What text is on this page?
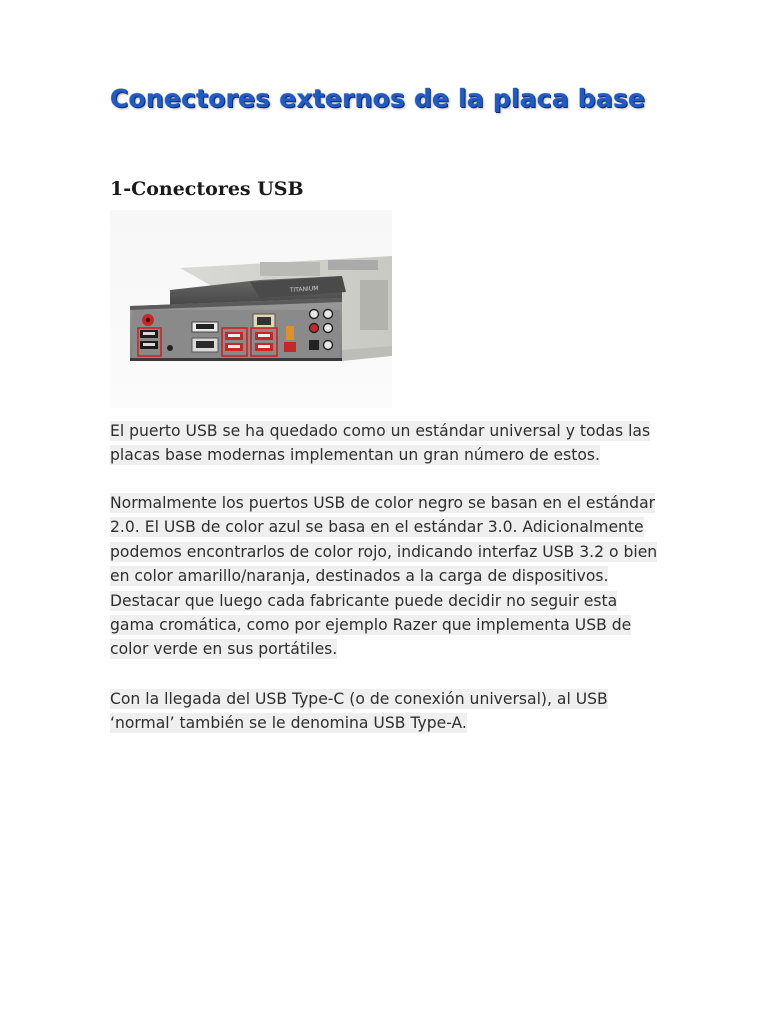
Conectores externos de la placa base
1-Conectores USB
TITANIUM

El puerto USB se ha quedado como un estándar universal y todas las placas base modernas implementan un gran número de estos.

Normalmente los puertos USB de color negro se basan en el estándar 2.0. El USB de color azul se basa en el estándar 3.0. Adicionalmente podemos encontrarlos de color rojo, indicando interfaz USB 3.2 o bien en color amarillo/naranja, destinados a la carga de dispositivos. Destacar que luego cada fabricante puede decidir no seguir esta gama cromática, como por ejemplo Razer que implementa USB de color verde en sus portátiles.

Con la llegada del USB Type-C (o de conexión universal), al USB ‘normal’ también se le denomina USB Type-A.
